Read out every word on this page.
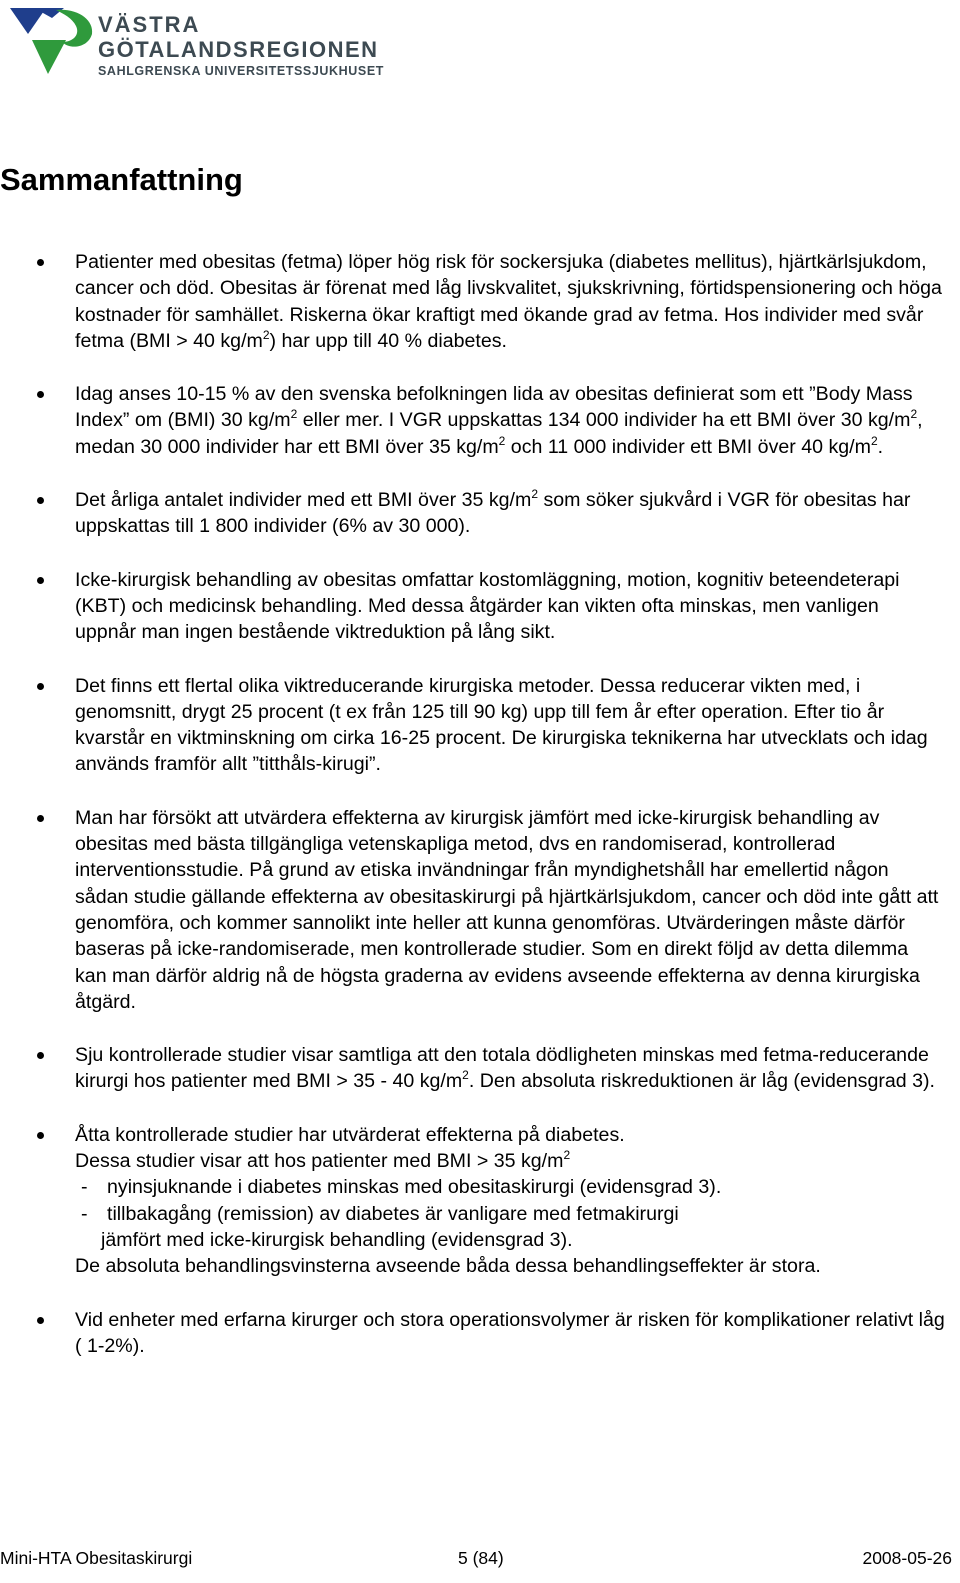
VÄSTRA
GÖTALANDSREGIONEN
SAHLGRENSKA UNIVERSITETSSJUKHUSET
Sammanfattning
Patienter med obesitas (fetma) löper hög risk för sockersjuka (diabetes mellitus), hjärtkärlsjukdom, cancer och död. Obesitas är förenat med låg livskvalitet, sjukskrivning, förtidspensionering och höga kostnader för samhället. Riskerna ökar kraftigt med ökande grad av fetma. Hos individer med svår fetma (BMI > 40 $kg/m^2$) har upp till 40 % diabetes.
Idag anses 10-15 % av den svenska befolkningen lida av obesitas definierat som ett ”Body Mass Index” om (BMI) 30 $kg/m^2$ eller mer. I VGR uppskattas 134 000 individer ha ett BMI över 30 $kg/m^2$, medan 30 000 individer har ett BMI över 35 $kg/m^2$ och 11 000 individer ett BMI över 40 $kg/m^2$.
Det årliga antalet individer med ett BMI över 35 $kg/m^2$ som söker sjukvård i VGR för obesitas har uppskattas till 1 800 individer (6% av 30 000).
Icke-kirurgisk behandling av obesitas omfattar kostomläggning, motion, kognitiv beteendeterapi (KBT) och medicinsk behandling. Med dessa åtgärder kan vikten ofta minskas, men vanligen uppnår man ingen bestående viktreduktion på lång sikt.
Det finns ett flertal olika viktreducerande kirurgiska metoder. Dessa reducerar vikten med, i genomsnitt, drygt 25 procent (t ex från 125 till 90 kg) upp till fem år efter operation. Efter tio år kvarstår en viktminskning om cirka 16-25 procent. De kirurgiska teknikerna har utvecklats och idag används framför allt ”titthåls-kirugi”.
Man har försökt att utvärdera effekterna av kirurgisk jämfört med icke-kirurgisk behandling av obesitas med bästa tillgängliga vetenskapliga metod, dvs en randomiserad, kontrollerad interventionsstudie. På grund av etiska invändningar från myndighetshåll har emellertid någon sådan studie gällande effekterna av obesitaskirurgi på hjärtkärlsjukdom, cancer och död inte gått att genomföra, och kommer sannolikt inte heller att kunna genomföras. Utvärderingen måste därför baseras på icke-randomiserade, men kontrollerade studier. Som en direkt följd av detta dilemma kan man därför aldrig nå de högsta graderna av evidens avseende effekterna av denna kirurgiska åtgärd.
Sju kontrollerade studier visar samtliga att den totala dödligheten minskas med fetma-reducerande kirurgi hos patienter med BMI > 35 - 40 $kg/m^2$. Den absoluta riskreduktionen är låg (evidensgrad 3).
Åtta kontrollerade studier har utvärderat effekterna på diabetes.
Dessa studier visar att hos patienter med BMI > 35 $kg/m^2$
- nyinsjuknande i diabetes minskas med obesitaskirurgi (evidensgrad 3).
- tillbakagång (remission) av diabetes är vanligare med fetmakirurgi
jämfört med icke-kirurgisk behandling (evidensgrad 3).
De absoluta behandlingsvinsterna avseende båda dessa behandlingseffekter är stora.
Vid enheter med erfarna kirurger och stora operationsvolymer är risken för komplikationer relativt låg ( 1-2%).
Mini-HTA Obesitaskirurgi	5 (84)	2008-05-26
